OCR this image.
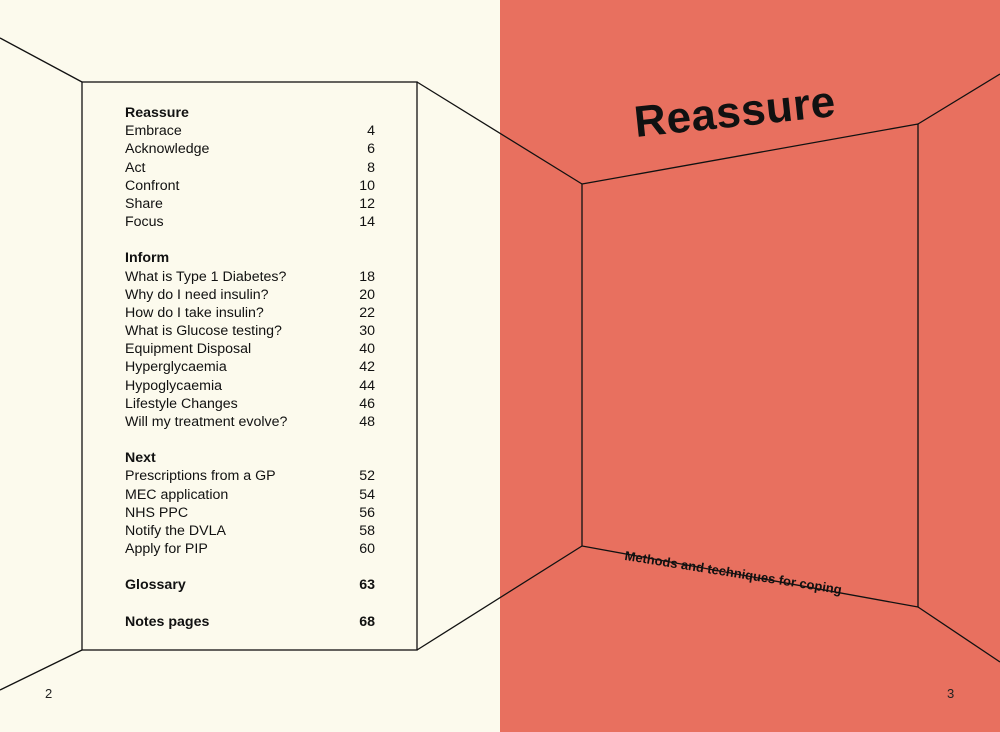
Reassure
Embrace	4
Acknowledge	6
Act	8
Confront	10
Share	12
Focus	14
Inform
What is Type 1 Diabetes?	18
Why do I need insulin?	20
How do I take insulin?	22
What is Glucose testing?	30
Equipment Disposal	40
Hyperglycaemia	42
Hypoglycaemia	44
Lifestyle Changes	46
Will my treatment evolve?	48
Next
Prescriptions from a GP	52
MEC application	54
NHS PPC	56
Notify the DVLA	58
Apply for PIP	60
Glossary	63
Notes pages	68
Reassure
Methods and techniques for coping
2	3
